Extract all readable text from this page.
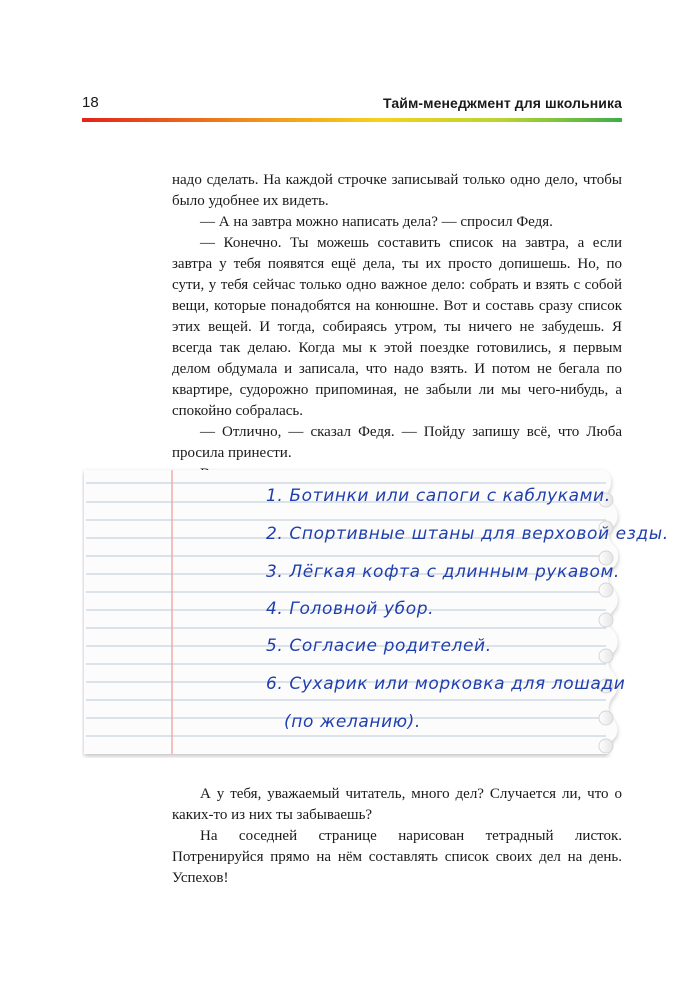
18	Тайм-менеджмент для школьника

надо сделать. На каждой строчке записывай только одно дело, чтобы было удобнее их видеть.

— А на завтра можно написать дела? — спросил Федя.

— Конечно. Ты можешь составить список на завтра, а если завтра у тебя появятся ещё дела, ты их просто допишешь. Но, по сути, у тебя сейчас только одно важное дело: собрать и взять с собой вещи, которые понадобятся на конюшне. Вот и составь сразу список этих вещей. И тогда, собираясь утром, ты ничего не забудешь. Я всегда так делаю. Когда мы к этой поездке готовились, я первым делом обдумала и записала, что надо взять. И потом не бегала по квартире, судорожно припоминая, не забыли ли мы чего-нибудь, а спокойно собралась.

— Отлично, — сказал Федя. — Пойду запишу всё, что Люба просила принести.

1. Ботинки или сапоги с каблуками.
2. Спортивные штаны для верховой езды.
3. Лёгкая кофта с длинным рукавом.
4. Головной убор.
5. Согласие родителей.
6. Сухарик или морковка для лошади
(по желанию).

А у тебя, уважаемый читатель, много дел? Случается ли, что о каких-то из них ты забываешь?

На соседней странице нарисован тетрадный листок. Потренируйся прямо на нём составлять список своих дел на день. Успехов!
